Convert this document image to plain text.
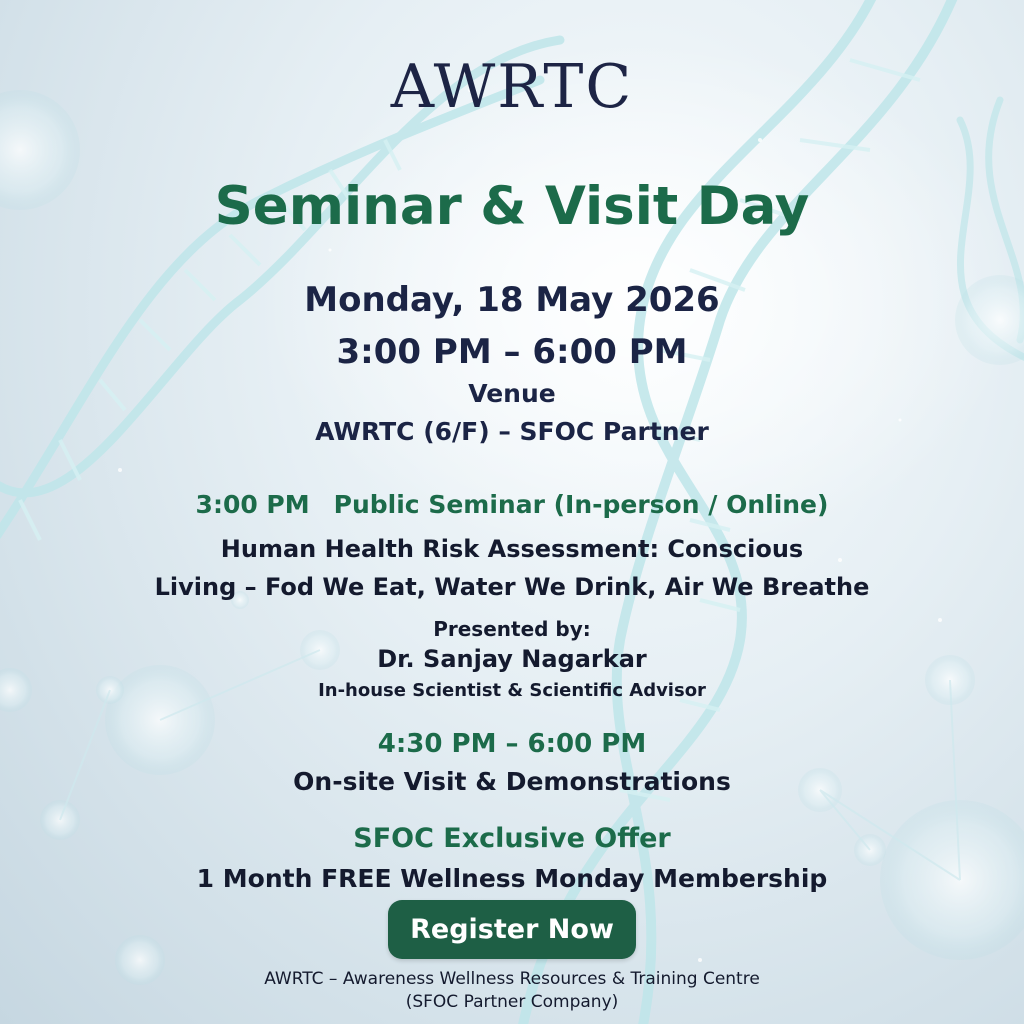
AWRTC
Seminar & Visit Day
Monday, 18 May 2026
3:00 PM – 6:00 PM
Venue
AWRTC (6/F) – SFOC Partner
3:00 PM Public Seminar (In-person / Online)
Human Health Risk Assessment: Conscious
Living – Fod We Eat, Water We Drink, Air We Breathe
Presented by:
Dr. Sanjay Nagarkar
In-house Scientist & Scientific Advisor
4:30 PM – 6:00 PM
On-site Visit & Demonstrations
SFOC Exclusive Offer
1 Month FREE Wellness Monday Membership
Register Now
AWRTC – Awareness Wellness Resources & Training Centre
(SFOC Partner Company)
